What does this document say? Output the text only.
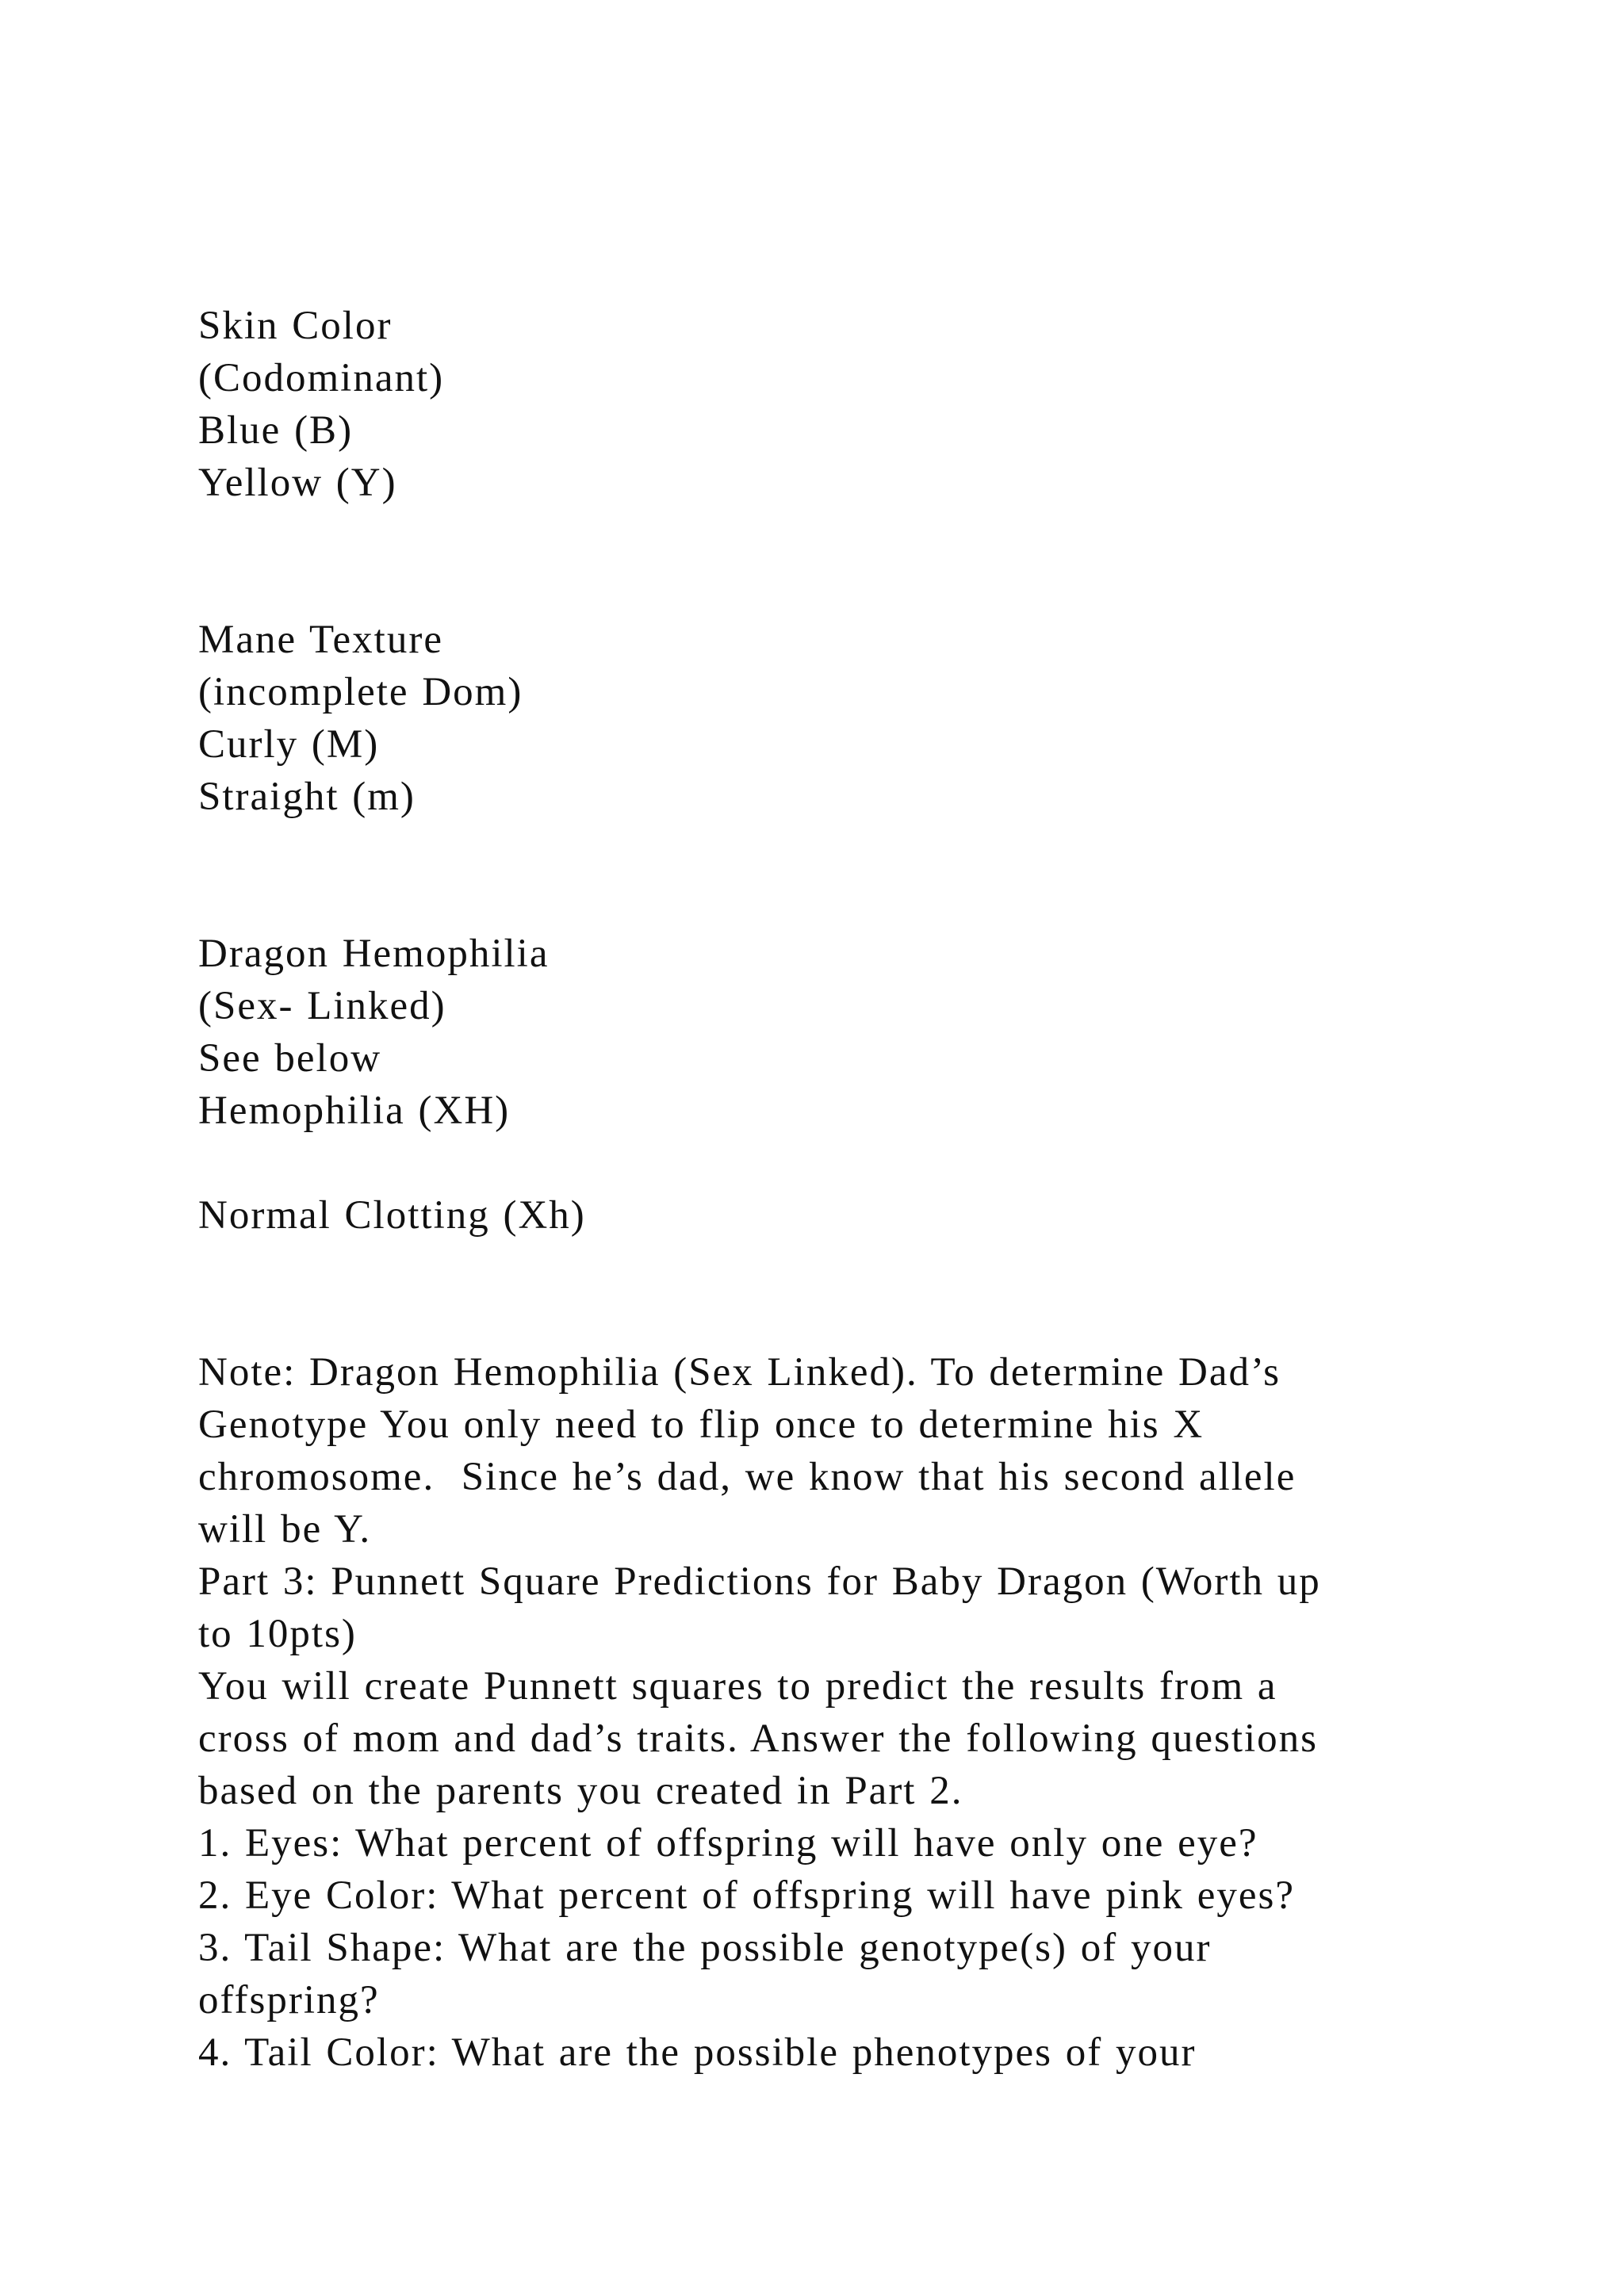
Skin Color
(Codominant)
Blue (B)
Yellow (Y)
Mane Texture
(incomplete Dom)
Curly (M)
Straight (m)
Dragon Hemophilia
(Sex- Linked)
See below
Hemophilia (XH)
Normal Clotting (Xh)
Note: Dragon Hemophilia (Sex Linked). To determine Dad’s
Genotype You only need to flip once to determine his X
chromosome.  Since he’s dad, we know that his second allele
will be Y.
Part 3: Punnett Square Predictions for Baby Dragon (Worth up
to 10pts)
You will create Punnett squares to predict the results from a
cross of mom and dad’s traits. Answer the following questions
based on the parents you created in Part 2.
1. Eyes: What percent of offspring will have only one eye?
2. Eye Color: What percent of offspring will have pink eyes?
3. Tail Shape: What are the possible genotype(s) of your
offspring?
4. Tail Color: What are the possible phenotypes of your
